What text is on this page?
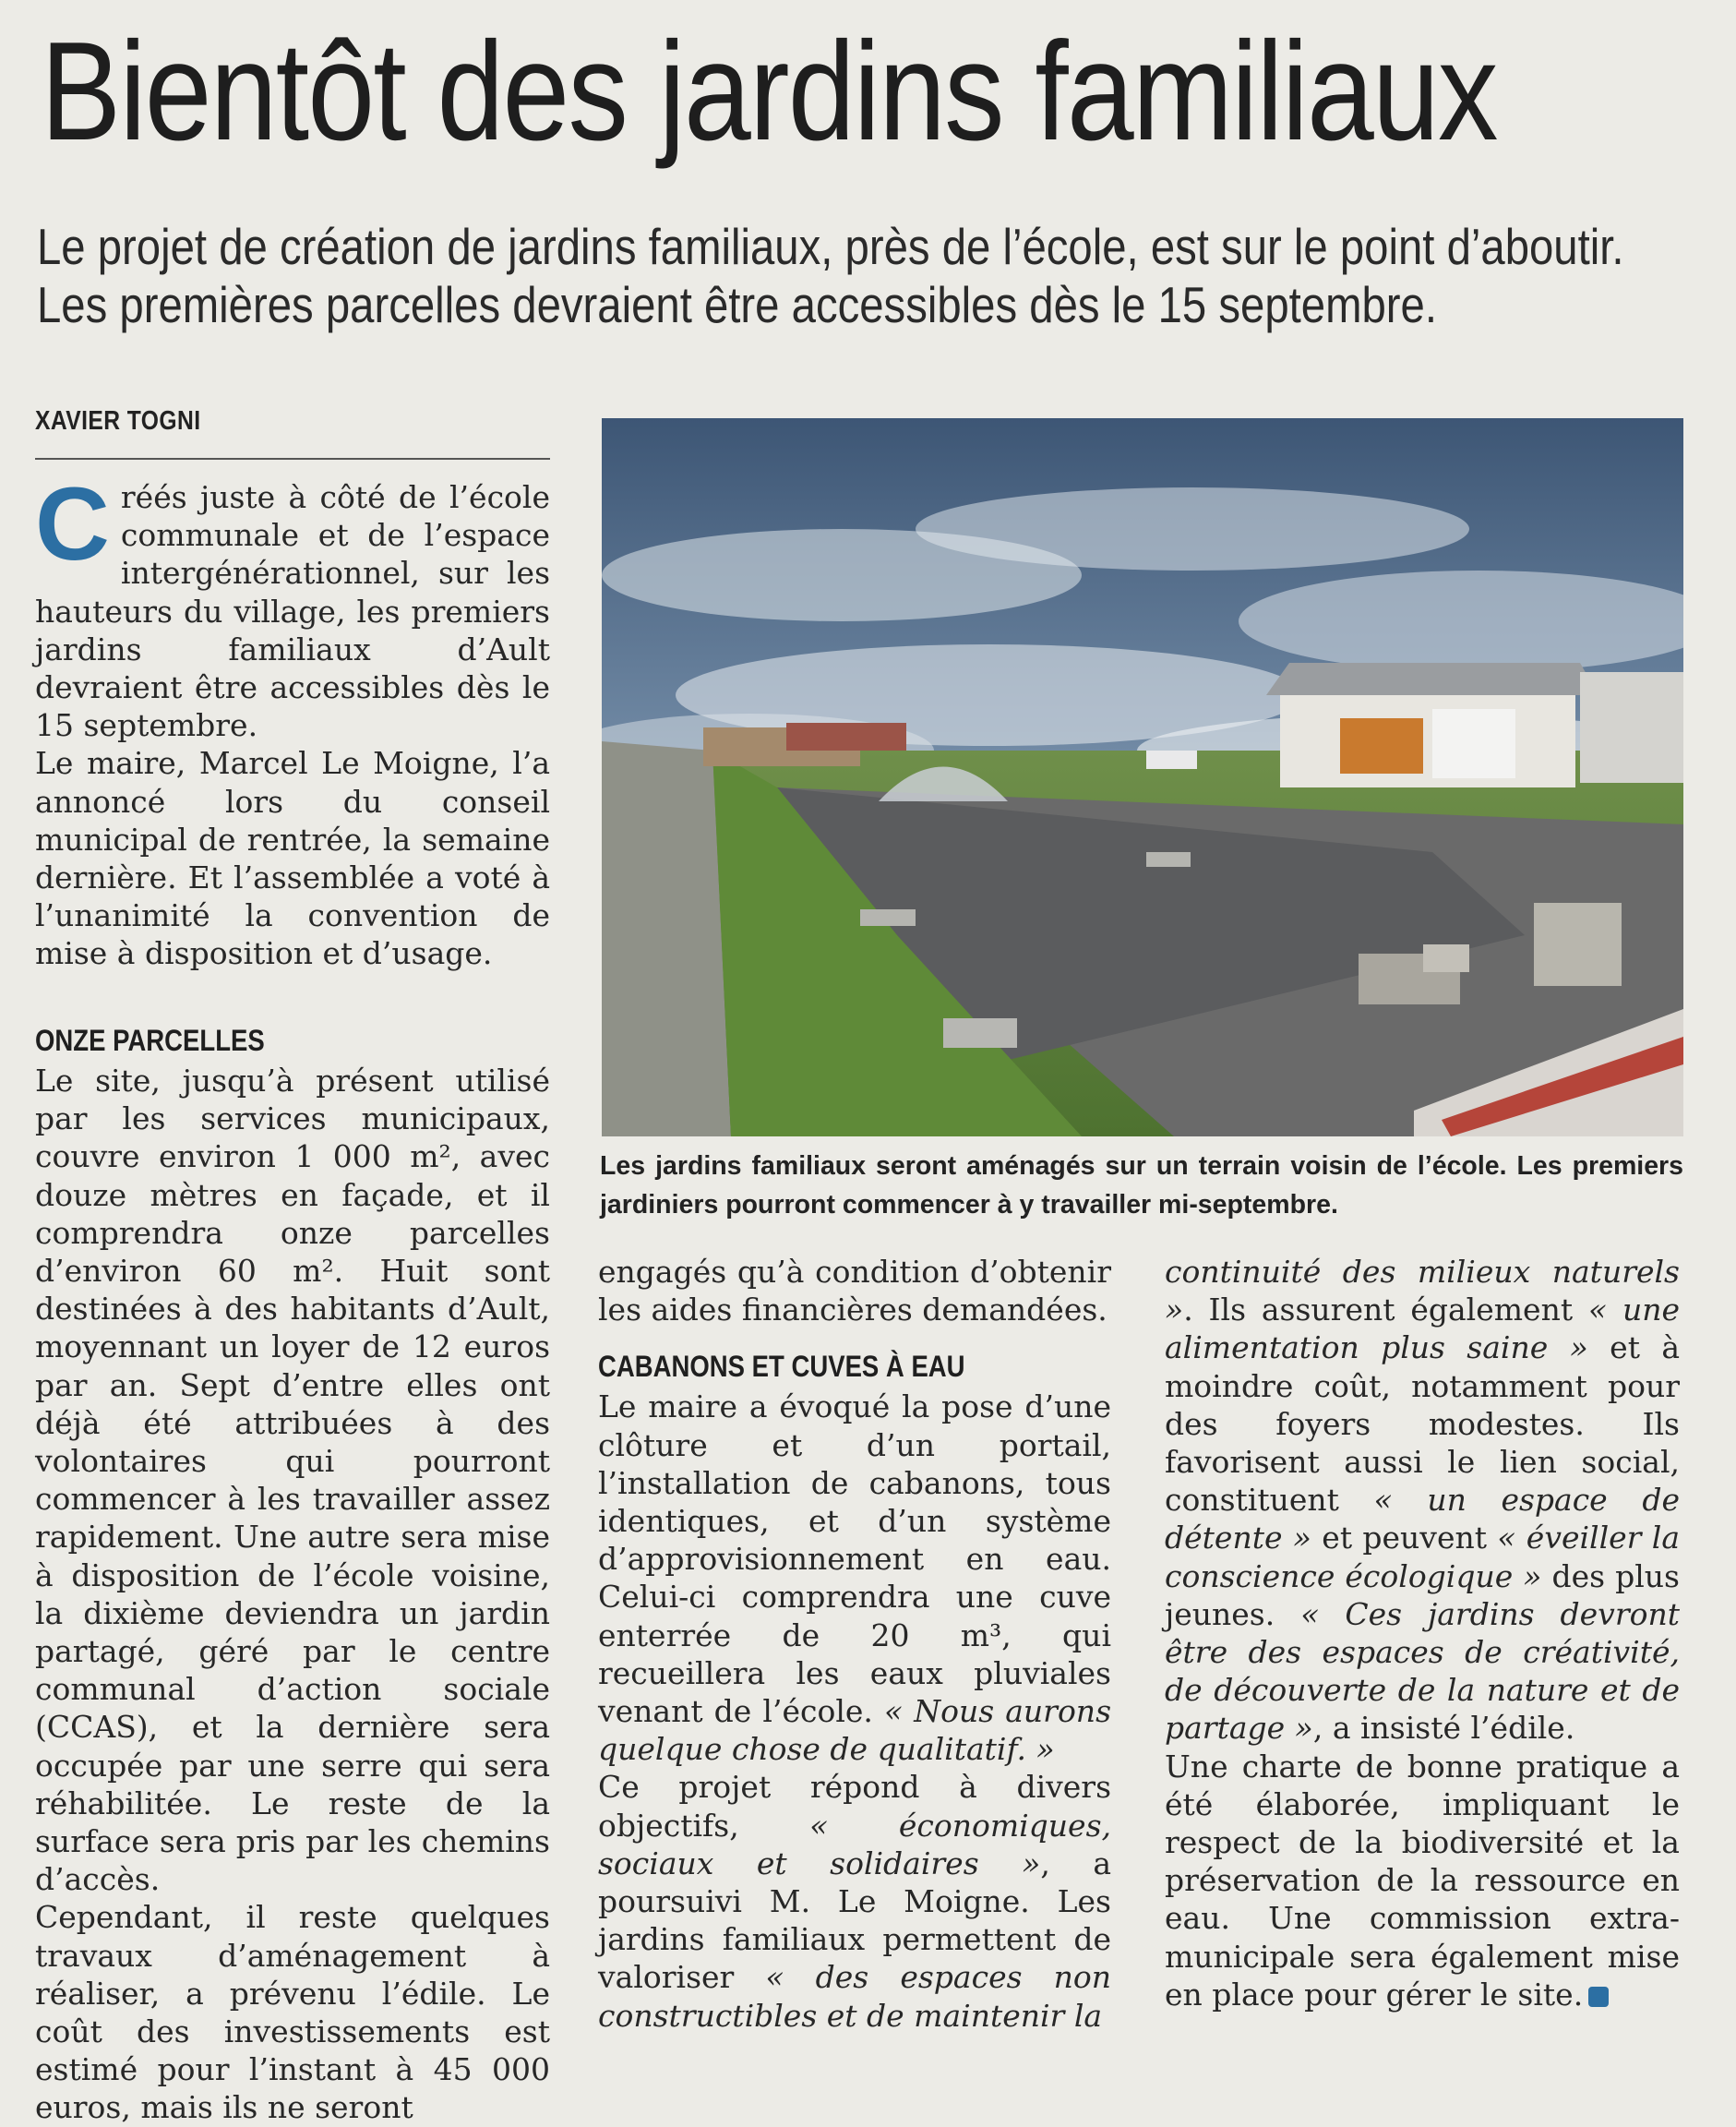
Bientôt des jardins familiaux
Le projet de création de jardins familiaux, près de l’école, est sur le point d’aboutir.
Les premières parcelles devraient être accessibles dès le 15 septembre.
XAVIER TOGNI

Créés juste à côté de l’école communale et de l’espace intergénérationnel, sur les hauteurs du village, les premiers jardins familiaux d’Ault devraient être accessibles dès le 15 septembre.

Le maire, Marcel Le Moigne, l’a annoncé lors du conseil municipal de rentrée, la semaine dernière. Et l’assemblée a voté à l’unanimité la convention de mise à disposition et d’usage.

ONZE PARCELLES

Le site, jusqu’à présent utilisé par les services municipaux, couvre environ 1 000 m², avec douze mètres en façade, et il comprendra onze parcelles d’environ 60 m². Huit sont destinées à des habitants d’Ault, moyennant un loyer de 12 euros par an. Sept d’entre elles ont déjà été attribuées à des volontaires qui pourront commencer à les travailler assez rapidement. Une autre sera mise à disposition de l’école voisine, la dixième deviendra un jardin partagé, géré par le centre communal d’action sociale (CCAS), et la dernière sera occupée par une serre qui sera réhabilitée. Le reste de la surface sera pris par les chemins d’accès.

Cependant, il reste quelques travaux d’aménagement à réaliser, a prévenu l’édile. Le coût des investissements est estimé pour l’instant à 45 000 euros, mais ils ne seront

Les jardins familiaux seront aménagés sur un terrain voisin de l’école. Les premiers jardiniers pourront commencer à y travailler mi-septembre.

engagés qu’à condition d’obtenir les aides financières demandées.

CABANONS ET CUVES À EAU

Le maire a évoqué la pose d’une clôture et d’un portail, l’installation de cabanons, tous identiques, et d’un système d’approvisionnement en eau. Celui-ci comprendra une cuve enterrée de 20 m³, qui recueillera les eaux pluviales venant de l’école. « Nous aurons quelque chose de qualitatif. »

Ce projet répond à divers objectifs, « économiques, sociaux et solidaires », a poursuivi M. Le Moigne. Les jardins familiaux permettent de valoriser « des espaces non constructibles et de maintenir la

continuité des milieux naturels ». Ils assurent également « une alimentation plus saine » et à moindre coût, notamment pour des foyers modestes. Ils favorisent aussi le lien social, constituent « un espace de détente » et peuvent « éveiller la conscience écologique » des plus jeunes. « Ces jardins devront être des espaces de créativité, de découverte de la nature et de partage », a insisté l’édile.

Une charte de bonne pratique a été élaborée, impliquant le respect de la biodiversité et la préservation de la ressource en eau. Une commission extra-municipale sera également mise en place pour gérer le site.
